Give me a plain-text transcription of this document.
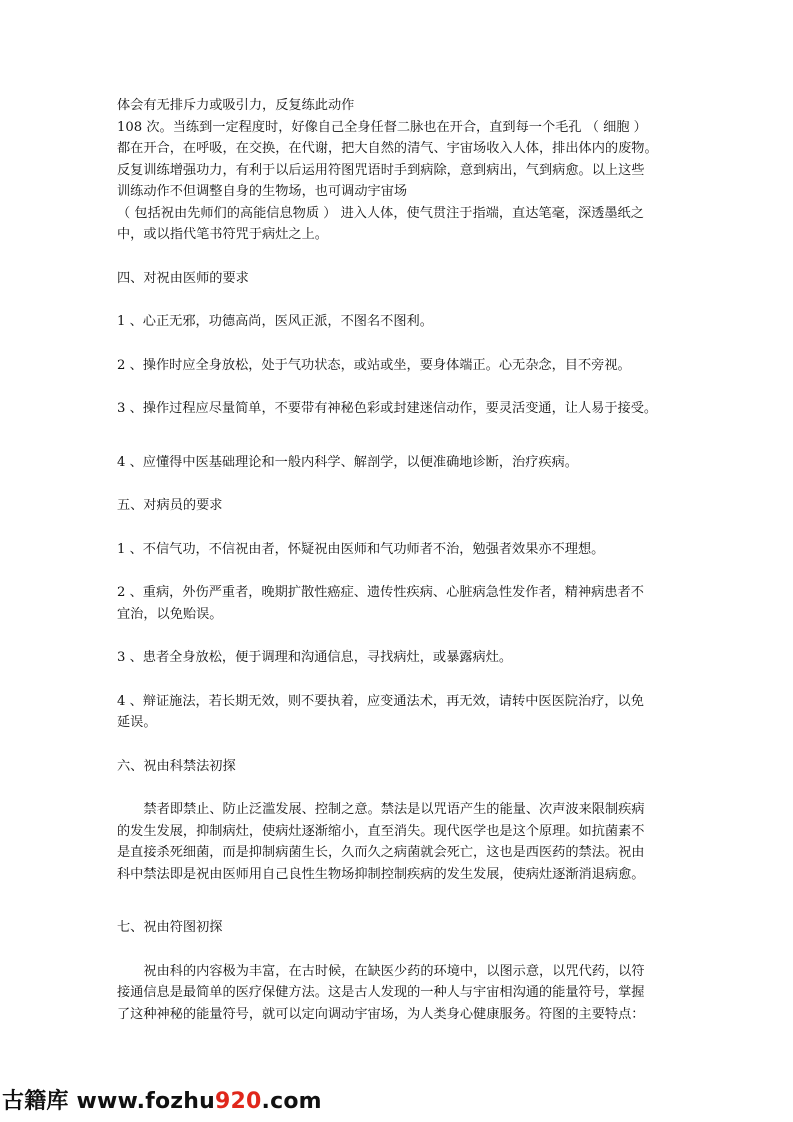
体会有无排斥力或吸引力，反复练此动作
108 次。当练到一定程度时，好像自己全身任督二脉也在开合，直到每一个毛孔 （ 细胞 ）
都在开合，在呼吸，在交换，在代谢，把大自然的清气、宇宙场收入人体，排出体内的废物。
反复训练增强功力，有利于以后运用符图咒语时手到病除，意到病出，气到病愈。以上这些
训练动作不但调整自身的生物场，也可调动宇宙场
（ 包括祝由先师们的高能信息物质 ） 进入人体，使气贯注于指端，直达笔毫，深透墨纸之
中，或以指代笔书符咒于病灶之上。
四、对祝由医师的要求
1 、心正无邪，功德高尚，医风正派，不图名不图利。
2 、操作时应全身放松，处于气功状态，或站或坐，要身体端正。心无杂念，目不旁视。
3 、操作过程应尽量简单，不要带有神秘色彩或封建迷信动作，要灵活变通，让人易于接受。
4 、应懂得中医基础理论和一般内科学、解剖学，以便准确地诊断，治疗疾病。
五、对病员的要求
1 、不信气功，不信祝由者，怀疑祝由医师和气功师者不治，勉强者效果亦不理想。
2 、重病，外伤严重者，晚期扩散性癌症、遗传性疾病、心脏病急性发作者，精神病患者不
宜治，以免贻误。
3 、患者全身放松，便于调理和沟通信息，寻找病灶，或暴露病灶。
4 、辩证施法，若长期无效，则不要执着，应变通法术，再无效，请转中医医院治疗，以免
延误。
六、祝由科禁法初探
禁者即禁止、防止泛滥发展、控制之意。禁法是以咒语产生的能量、次声波来限制疾病
的发生发展，抑制病灶，使病灶逐渐缩小，直至消失。现代医学也是这个原理。如抗菌素不
是直接杀死细菌，而是抑制病菌生长，久而久之病菌就会死亡，这也是西医药的禁法。祝由
科中禁法即是祝由医师用自己良性生物场抑制控制疾病的发生发展，使病灶逐渐消退病愈。
七、祝由符图初探
祝由科的内容极为丰富，在古时候，在缺医少药的环境中，以图示意，以咒代药，以符
接通信息是最简单的医疗保健方法。这是古人发现的一种人与宇宙相沟通的能量符号，掌握
了这种神秘的能量符号，就可以定向调动宇宙场，为人类身心健康服务。符图的主要特点：
古籍库 www.fozhu920.com
